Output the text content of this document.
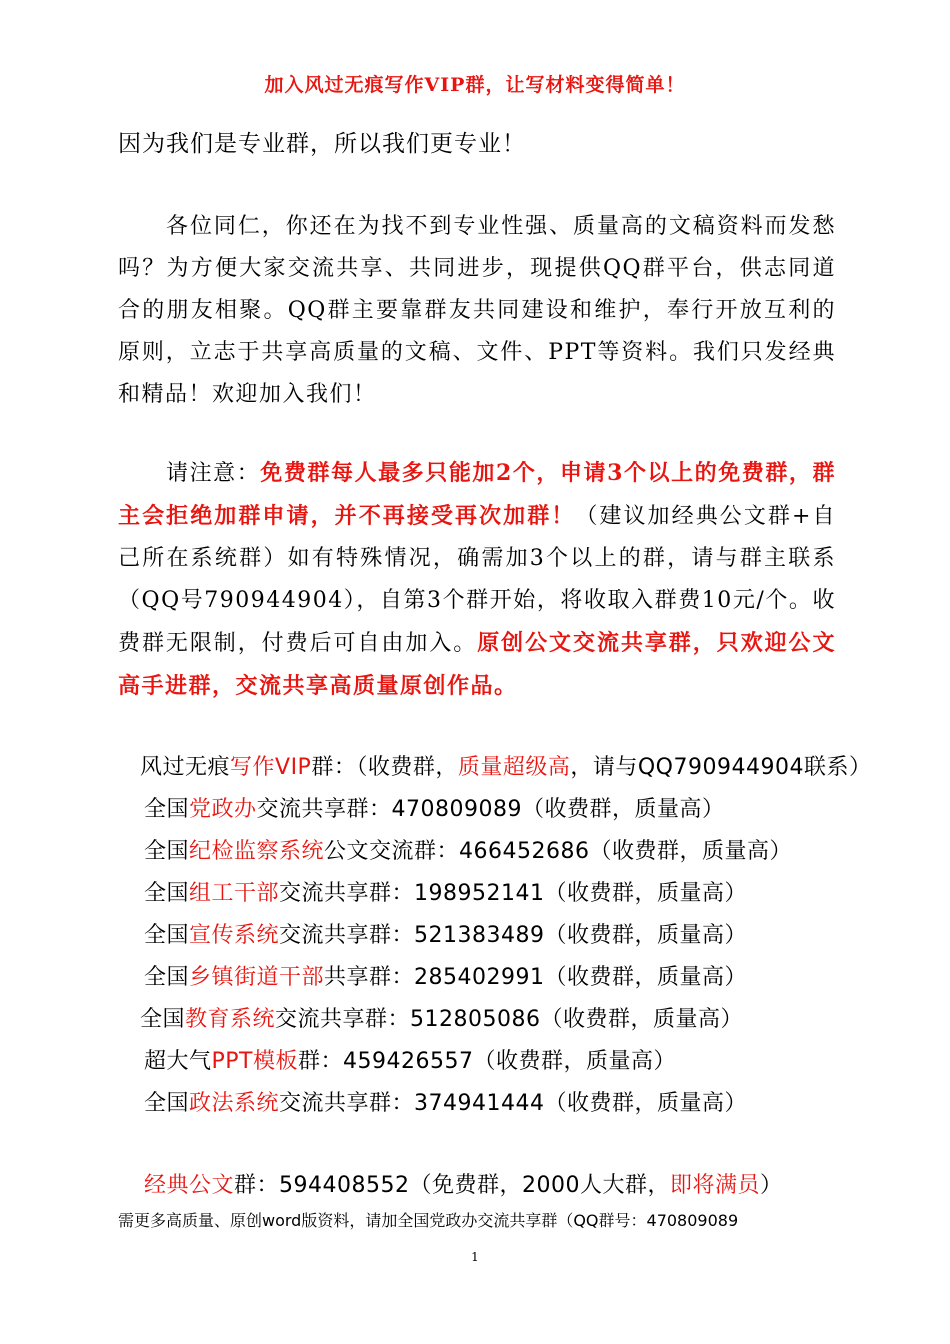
加入风过无痕写作VIP群，让写材料变得简单！
因为我们是专业群，所以我们更专业！
各位同仁，你还在为找不到专业性强、质量高的文稿资料而发愁吗？为方便大家交流共享、共同进步，现提供QQ群平台，供志同道合的朋友相聚。QQ群主要靠群友共同建设和维护，奉行开放互利的原则，立志于共享高质量的文稿、文件、PPT等资料。我们只发经典和精品！欢迎加入我们！
请注意：免费群每人最多只能加2个，申请3个以上的免费群，群主会拒绝加群申请，并不再接受再次加群！（建议加经典公文群+自己所在系统群）如有特殊情况，确需加3个以上的群，请与群主联系（QQ号790944904），自第3个群开始，将收取入群费10元/个。收费群无限制，付费后可自由加入。原创公文交流共享群，只欢迎公文高手进群，交流共享高质量原创作品。
风过无痕写作VIP群：（收费群，质量超级高，请与QQ790944904联系）
全国党政办交流共享群：470809089（收费群，质量高）
全国纪检监察系统公文交流群：466452686（收费群，质量高）
全国组工干部交流共享群：198952141（收费群，质量高）
全国宣传系统交流共享群：521383489（收费群，质量高）
全国乡镇街道干部共享群：285402991（收费群，质量高）
全国教育系统交流共享群：512805086（收费群，质量高）
超大气PPT模板群：459426557（收费群，质量高）
全国政法系统交流共享群：374941444（收费群，质量高）
经典公文群：594408552（免费群，2000人大群，即将满员）
需更多高质量、原创word版资料，请加全国党政办交流共享群（QQ群号：470809089
1
